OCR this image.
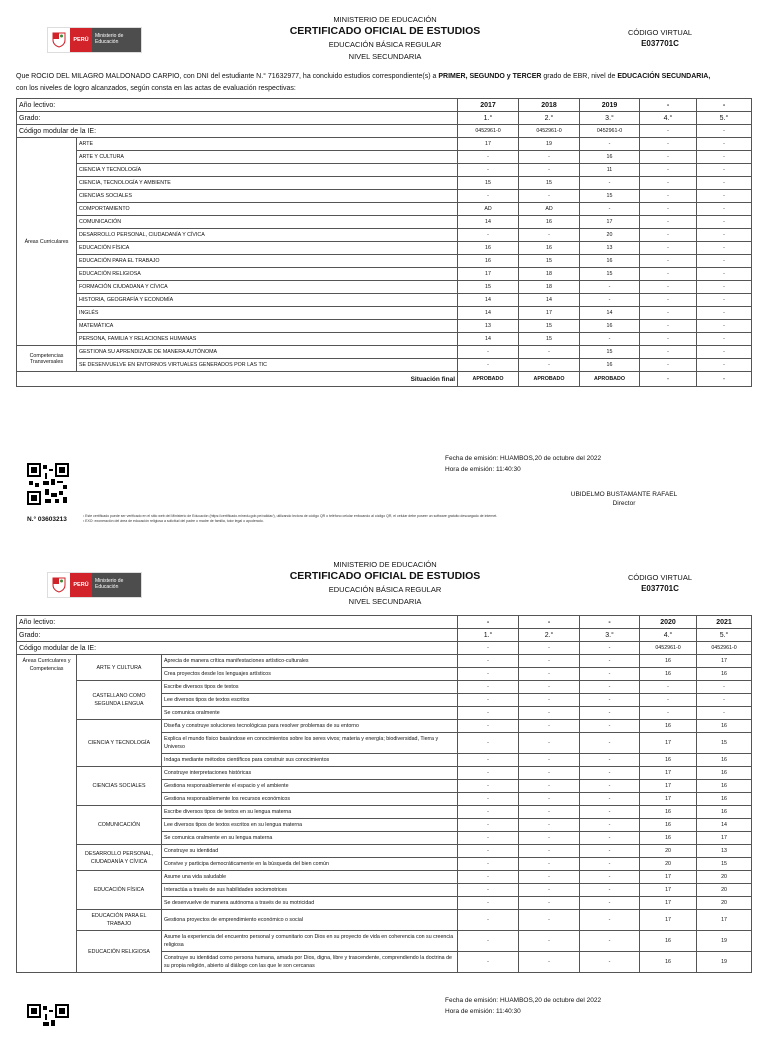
PERÚ
Ministerio de Educación
MINISTERIO DE EDUCACIÓN
CERTIFICADO OFICIAL DE ESTUDIOS
EDUCACIÓN BÁSICA REGULAR
NIVEL SECUNDARIA
CÓDIGO VIRTUAL
E037701C
Que ROCIO DEL MILAGRO MALDONADO CARPIO, con DNI del estudiante N.° 71632977, ha concluido estudios correspondiente(s) a PRIMER, SEGUNDO y TERCER grado de EBR, nivel de EDUCACIÓN SECUNDARIA,
con los niveles de logro alcanzados, según consta en las actas de evaluación respectivas:
Año lectivo:		2017	2018	2019	-	-
Grado:		1.°	2.°	3.°	4.°	5.°
Código modular de la IE:		0452961-0	0452961-0	0452961-0	-	-
Áreas Curriculares	ARTE	17	19	-	-	-
	ARTE Y CULTURA	-	-	16	-	-
	CIENCIA Y TECNOLOGÍA	-	-	11	-	-
	CIENCIA, TECNOLOGÍA Y AMBIENTE	15	15	-	-	-
	CIENCIAS SOCIALES	-	-	15	-	-
	COMPORTAMIENTO	AD	AD	-	-	-
	COMUNICACIÓN	14	16	17	-	-
	DESARROLLO PERSONAL, CIUDADANÍA Y CÍVICA	-	-	20	-	-
	EDUCACIÓN FÍSICA	16	16	13	-	-
	EDUCACIÓN PARA EL TRABAJO	16	15	16	-	-
	EDUCACIÓN RELIGIOSA	17	18	15	-	-
	FORMACIÓN CIUDADANA Y CÍVICA	15	18	-	-	-
	HISTORIA, GEOGRAFÍA Y ECONOMÍA	14	14	-	-	-
	INGLÉS	14	17	14	-	-
	MATEMÁTICA	13	15	16	-	-
	PERSONA, FAMILIA Y RELACIONES HUMANAS	14	15	-	-	-
Competencias Transversales	GESTIONA SU APRENDIZAJE DE MANERA AUTÓNOMA	-	-	15	-	-
	SE DESENVUELVE EN ENTORNOS VIRTUALES GENERADOS POR LAS TIC	-	-	16	-	-
Situación final		APROBADO	APROBADO	APROBADO	-	-
N.° 03603213
Fecha de emisión: HUAMBOS,20 de octubre del 2022
Hora de emisión: 11:40:30
UBIDELMO BUSTAMANTE RAFAEL
Director
¹ Este certificado puede ser verificado en el sitio web del Ministerio de Educación (https://certificado.minedu.gob.pe/validar/), utilizando lectora de código QR o teléfono celular enfocando al código QR, el celular debe poseer un software gratuito descargado de internet.
² EXO: exoneración del área de educación religiosa a solicitud del padre o madre de familia, tutor legal o apoderado.
PERÚ
Ministerio de Educación
MINISTERIO DE EDUCACIÓN
CERTIFICADO OFICIAL DE ESTUDIOS
EDUCACIÓN BÁSICA REGULAR
NIVEL SECUNDARIA
CÓDIGO VIRTUAL
E037701C
Año lectivo:			-	-	-	2020	2021
Grado:			1.°	2.°	3.°	4.°	5.°
Código modular de la IE:			-	-	-	0452961-0	0452961-0
Áreas Curriculares y Competencias	ARTE Y CULTURA	Aprecia de manera crítica manifestaciones artístico-culturales	-	-	-	16	17
		Crea proyectos desde los lenguajes artísticos	-	-	-	16	16
	CASTELLANO COMO SEGUNDA LENGUA	Escribe diversos tipos de textos	-	-	-	-	-
		Lee diversos tipos de textos escritos	-	-	-	-	-
		Se comunica oralmente	-	-	-	-	-
	CIENCIA Y TECNOLOGÍA	Diseña y construye soluciones tecnológicas para resolver problemas de su entorno	-	-	-	16	16
		Explica el mundo físico basándose en conocimientos sobre los seres vivos; materia y energía; biodiversidad, Tierra y Universo	-	-	-	17	15
		Indaga mediante métodos científicos para construir sus conocimientos	-	-	-	16	16
	CIENCIAS SOCIALES	Construye interpretaciones históricas	-	-	-	17	16
		Gestiona responsablemente el espacio y el ambiente	-	-	-	17	16
		Gestiona responsablemente los recursos económicos	-	-	-	17	16
	COMUNICACIÓN	Escribe diversos tipos de textos en su lengua materna	-	-	-	16	16
		Lee diversos tipos de textos escritos en su lengua materna	-	-	-	16	14
		Se comunica oralmente en su lengua materna	-	-	-	16	17
	DESARROLLO PERSONAL, CIUDADANÍA Y CÍVICA	Construye su identidad	-	-	-	20	13
		Convive y participa democráticamente en la búsqueda del bien común	-	-	-	20	15
	EDUCACIÓN FÍSICA	Asume una vida saludable	-	-	-	17	20
		Interactúa a través de sus habilidades sociomotrices	-	-	-	17	20
		Se desenvuelve de manera autónoma a través de su motricidad	-	-	-	17	20
	EDUCACIÓN PARA EL TRABAJO	Gestiona proyectos de emprendimiento económico o social	-	-	-	17	17
	EDUCACIÓN RELIGIOSA	Asume la experiencia del encuentro personal y comunitario con Dios en su proyecto de vida en coherencia con su creencia religiosa	-	-	-	16	19
		Construye su identidad como persona humana, amada por Dios, digna, libre y trascendente, comprendiendo la doctrina de su propia religión, abierto al diálogo con las que le son cercanas	-	-	-	16	19
Fecha de emisión: HUAMBOS,20 de octubre del 2022
Hora de emisión: 11:40:30
